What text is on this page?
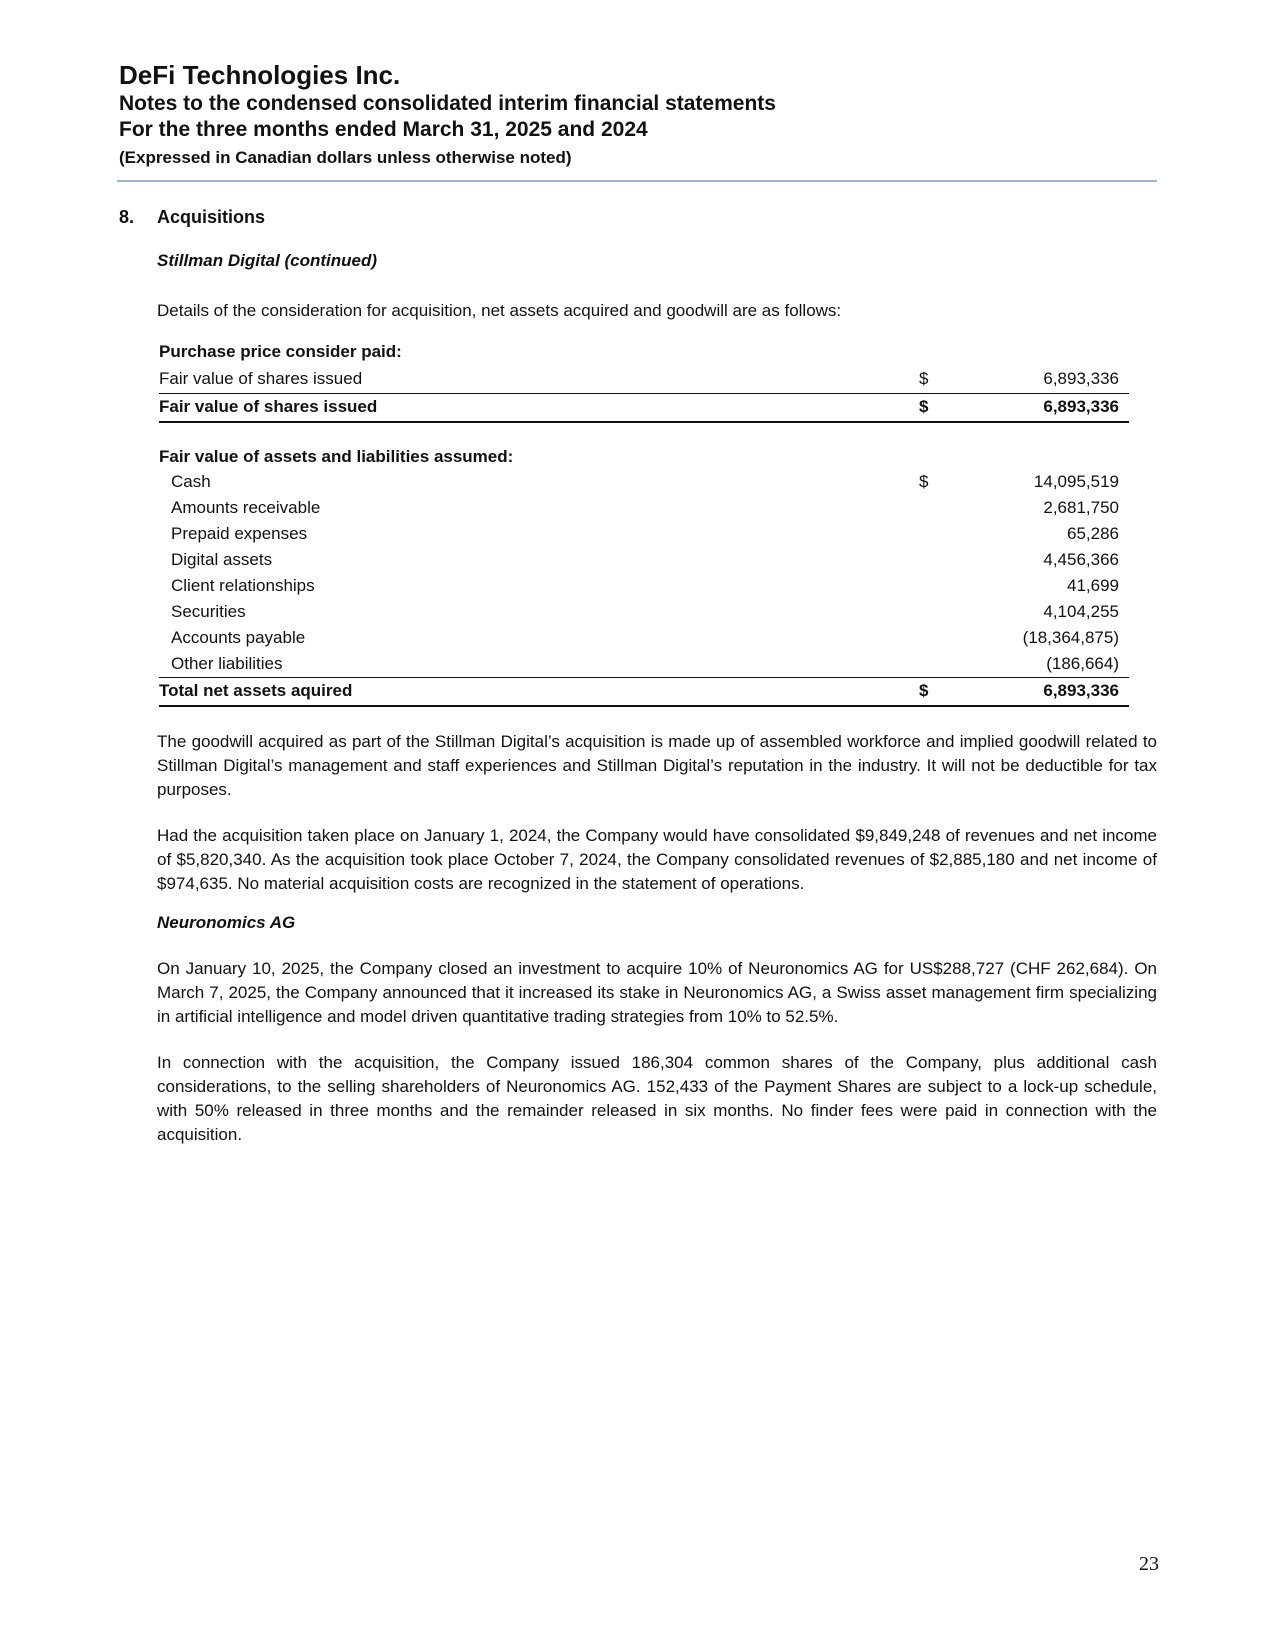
DeFi Technologies Inc.
Notes to the condensed consolidated interim financial statements
For the three months ended March 31, 2025 and 2024
(Expressed in Canadian dollars unless otherwise noted)
8. Acquisitions
Stillman Digital (continued)
Details of the consideration for acquisition, net assets acquired and goodwill are as follows:
Purchase price consider paid:
Fair value of shares issued	$	6,893,336
Fair value of shares issued	$	6,893,336
Fair value of assets and liabilities assumed:
Cash	$	14,095,519
Amounts receivable	2,681,750
Prepaid expenses	65,286
Digital assets	4,456,366
Client relationships	41,699
Securities	4,104,255
Accounts payable	(18,364,875)
Other liabilities	(186,664)
Total net assets aquired	$	6,893,336
The goodwill acquired as part of the Stillman Digital’s acquisition is made up of assembled workforce and implied goodwill related to Stillman Digital’s management and staff experiences and Stillman Digital’s reputation in the industry. It will not be deductible for tax purposes.
Had the acquisition taken place on January 1, 2024, the Company would have consolidated $9,849,248 of revenues and net income of $5,820,340. As the acquisition took place October 7, 2024, the Company consolidated revenues of $2,885,180 and net income of $974,635. No material acquisition costs are recognized in the statement of operations.
Neuronomics AG
On January 10, 2025, the Company closed an investment to acquire 10% of Neuronomics AG for US$288,727 (CHF 262,684). On March 7, 2025, the Company announced that it increased its stake in Neuronomics AG, a Swiss asset management firm specializing in artificial intelligence and model driven quantitative trading strategies from 10% to 52.5%.
In connection with the acquisition, the Company issued 186,304 common shares of the Company, plus additional cash considerations, to the selling shareholders of Neuronomics AG. 152,433 of the Payment Shares are subject to a lock-up schedule, with 50% released in three months and the remainder released in six months. No finder fees were paid in connection with the acquisition.
23
